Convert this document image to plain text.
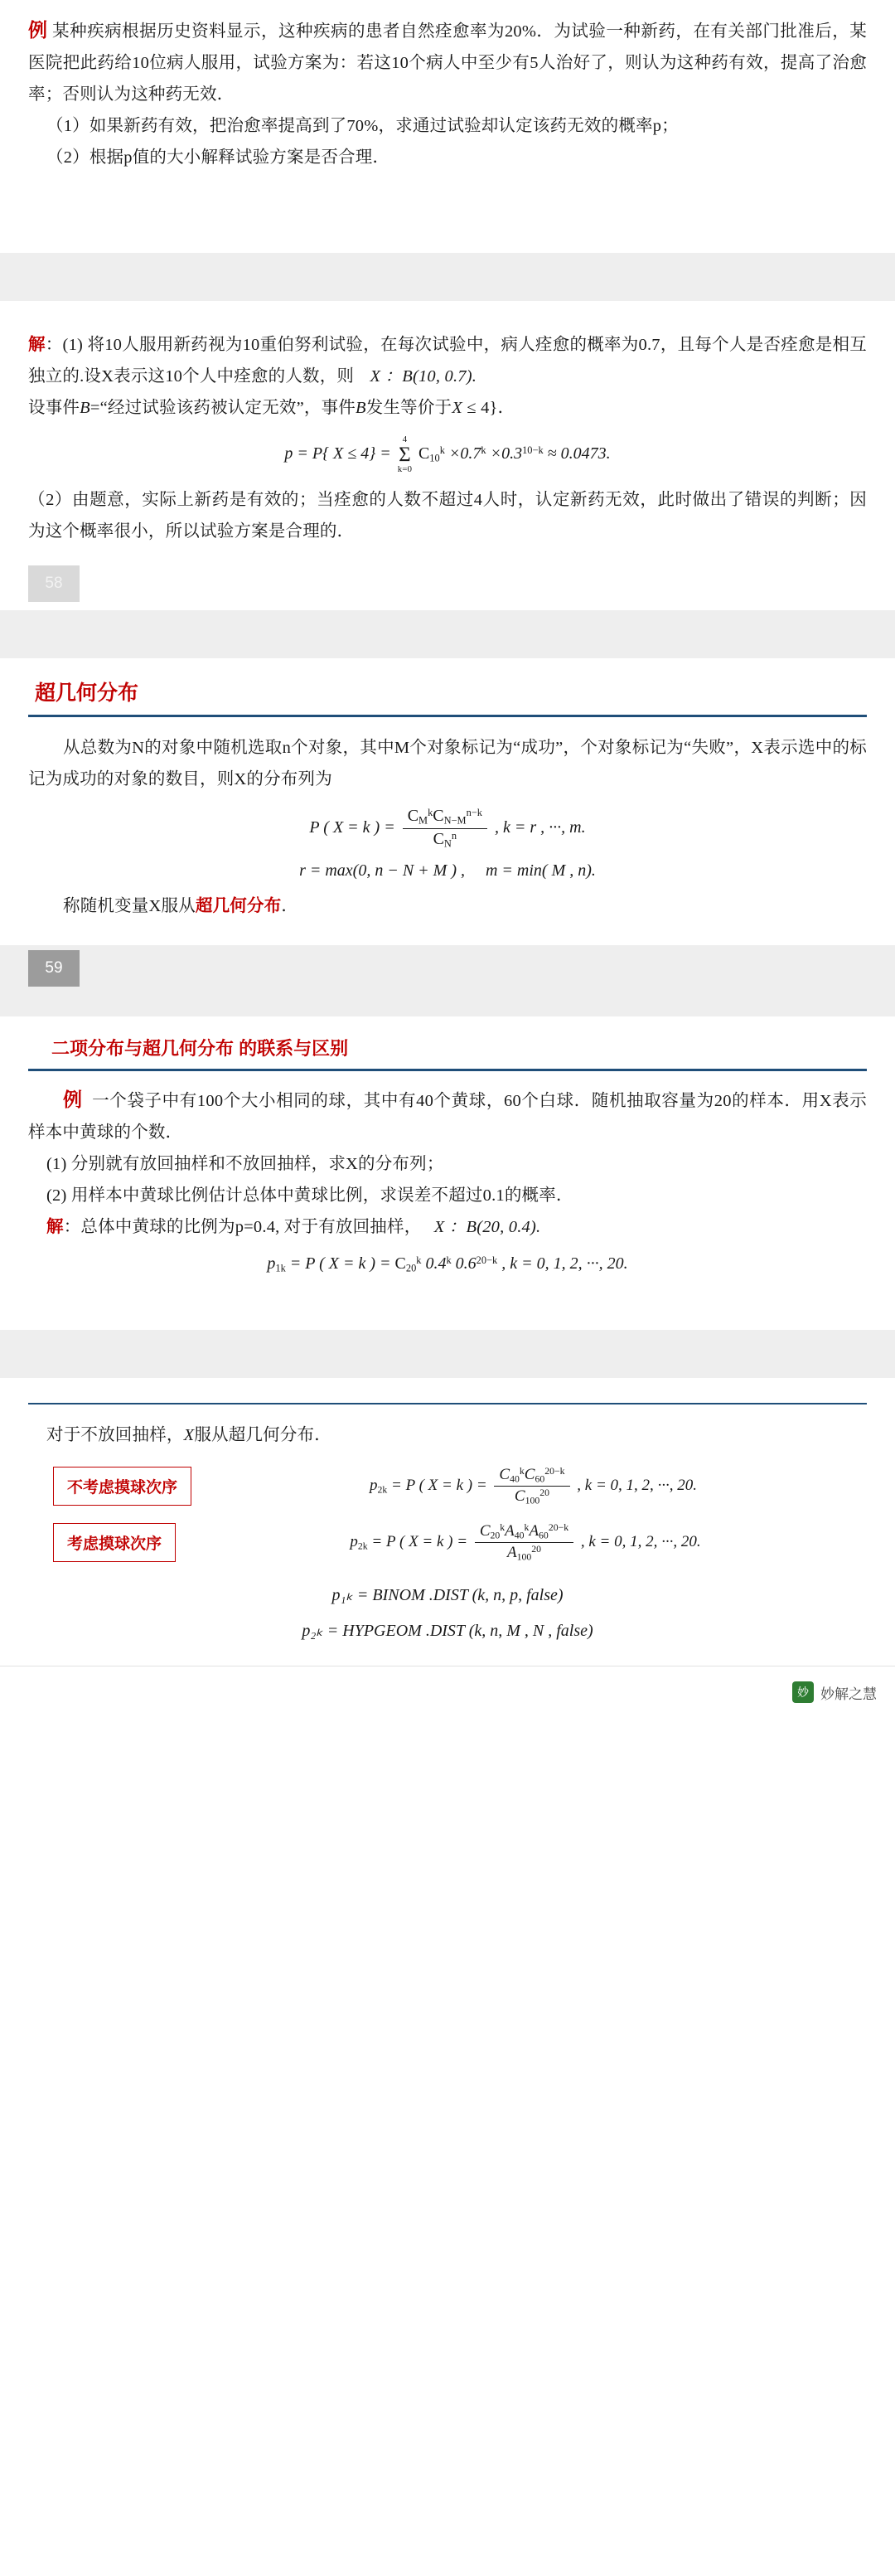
例 某种疾病根据历史资料显示，这种疾病的患者自然痊愈率为20%．为试验一种新药，在有关部门批准后，某医院把此药给10位病人服用，试验方案为：若这10个病人中至少有5人治好了，则认为这种药有效，提高了治愈率；否则认为这种药无效．

（1）如果新药有效，把治愈率提高到了70%，求通过试验却认定该药无效的概率p；

（2）根据p值的大小解释试验方案是否合理．

解：(1) 将10人服用新药视为10重伯努利试验，在每次试验中，病人痊愈的概率为0.7，且每个人是否痊愈是相互独立的.设X表示这10个人中痊愈的人数，则 X ：B(10, 0.7).

设事件B=“经过试验该药被认定无效”，事件B发生等价于X ≤ 4}．

p = P{ X ≤ 4} =
4
Σ
k=0
$C_{10}^k \times 0.7^k \times 0.3^{10-k} \approx 0.0473$.

（2）由题意，实际上新药是有效的；当痊愈的人数不超过4人时，认定新药无效，此时做出了错误的判断；因为这个概率很小，所以试验方案是合理的．

58
超几何分布

从总数为N的对象中随机选取n个对象，其中M个对象标记为“成功”，个对象标记为“失败”，X表示选中的标记为成功的对象的数目，则X的分布列为

P ( X = k ) = $\frac{C_M^kC_{N-M}^{n-k}}{C_N^n}$ , k = r , ···, m.
r = max(0, n − N + M ) ,     m = min( M , n).

称随机变量X服从超几何分布．

59
二项分布与超几何分布 的联系与区别

例 一个袋子中有100个大小相同的球，其中有40个黄球，60个白球．随机抽取容量为20的样本．用X表示样本中黄球的个数．

(1) 分别就有放回抽样和不放回抽样，求X的分布列；

(2) 用样本中黄球比例估计总体中黄球比例，求误差不超过0.1的概率．

解：总体中黄球的比例为p=0.4, 对于有放回抽样， X ：B(20, 0.4).

$p_{1k} = P$ ( X = k ) = $C_{20}^k$ 0.4$^k$ $0.6^{20-k}$ , k = 0, 1, 2, ···, 20.

对于不放回抽样，X服从超几何分布．

不考虑摸球次序	$p_{2k} = P$ ( X = k ) = $\frac{C_{40}^kC_{60}^{20-k}}{C_{100}^{20}}$ , k = 0, 1, 2, ···, 20.
考虑摸球次序	$p_{2k} = P$ ( X = k ) = $\frac{C_{20}^kA_{40}^kA_{60}^{20-k}}{A_{100}^{20}}$ , k = 0, 1, 2, ···, 20.
p₁ₖ = BINOM .DIST (k, n, p, false)
p₂ₖ = HYPGEOM .DIST (k, n, M , N , false)
妙 妙解之慧
